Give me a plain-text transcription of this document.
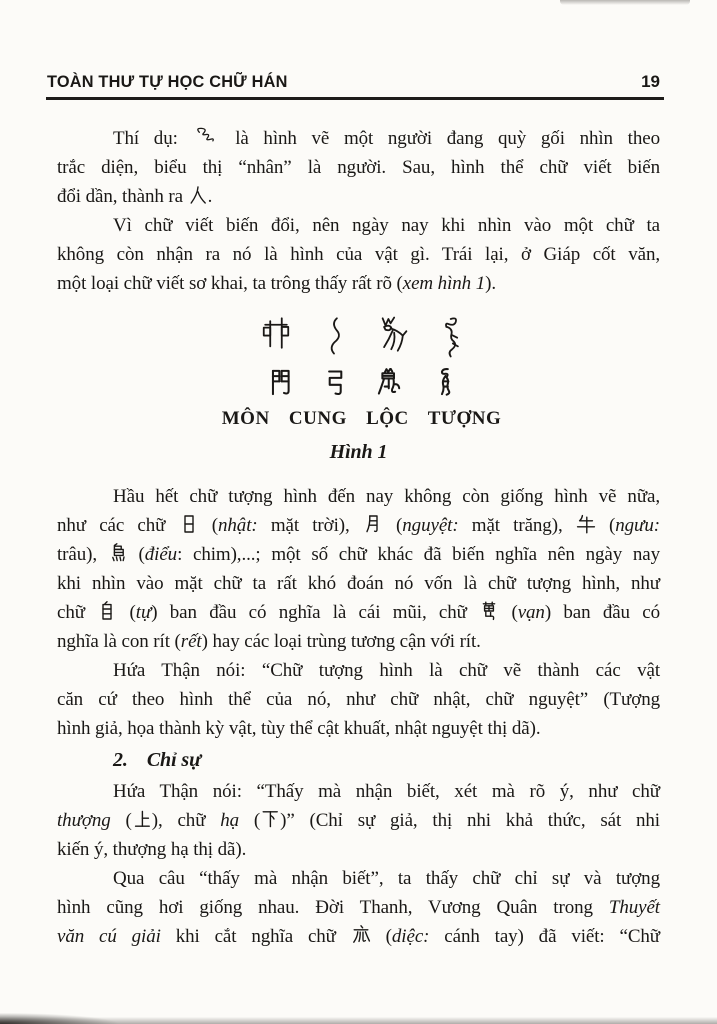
TOÀN THƯ TỰ HỌC CHỮ HÁN	19
Thí dụ:  là hình vẽ một người đang quỳ gối nhìn theo
trắc diện, biểu thị “nhân” là người. Sau, hình thể chữ viết biến
đổi dần, thành ra .
Vì chữ viết biến đổi, nên ngày nay khi nhìn vào một chữ ta
không còn nhận ra nó là hình của vật gì. Trái lại, ở Giáp cốt văn,
một loại chữ viết sơ khai, ta trông thấy rất rõ (xem hình 1).
MÔN CUNG LỘC TƯỢNG
Hình 1
Hầu hết chữ tượng hình đến nay không còn giống hình vẽ nữa,
như các chữ  (nhật: mặt trời),  (nguyệt: mặt trăng),  (ngưu:
trâu),  (điểu: chim),...; một số chữ khác đã biến nghĩa nên ngày nay
khi nhìn vào mặt chữ ta rất khó đoán nó vốn là chữ tượng hình, như
chữ  (tự) ban đầu có nghĩa là cái mũi, chữ  (vạn) ban đầu có
nghĩa là con rít (rết) hay các loại trùng tương cận với rít.
Hứa Thận nói: “Chữ tượng hình là chữ vẽ thành các vật
căn cứ theo hình thể của nó, như chữ nhật, chữ nguyệt” (Tượng
hình giả, họa thành kỳ vật, tùy thể cật khuất, nhật nguyệt thị dã).
2. Chỉ sự
Hứa Thận nói: “Thấy mà nhận biết, xét mà rõ ý, như chữ
thượng ( ), chữ hạ ( )” (Chỉ sự giả, thị nhi khả thức, sát nhi
kiến ý, thượng hạ thị dã).
Qua câu “thấy mà nhận biết”, ta thấy chữ chỉ sự và tượng
hình cũng hơi giống nhau. Đời Thanh, Vương Quân trong Thuyết
văn cú giải khi cắt nghĩa chữ  (diệc: cánh tay) đã viết: “Chữ
